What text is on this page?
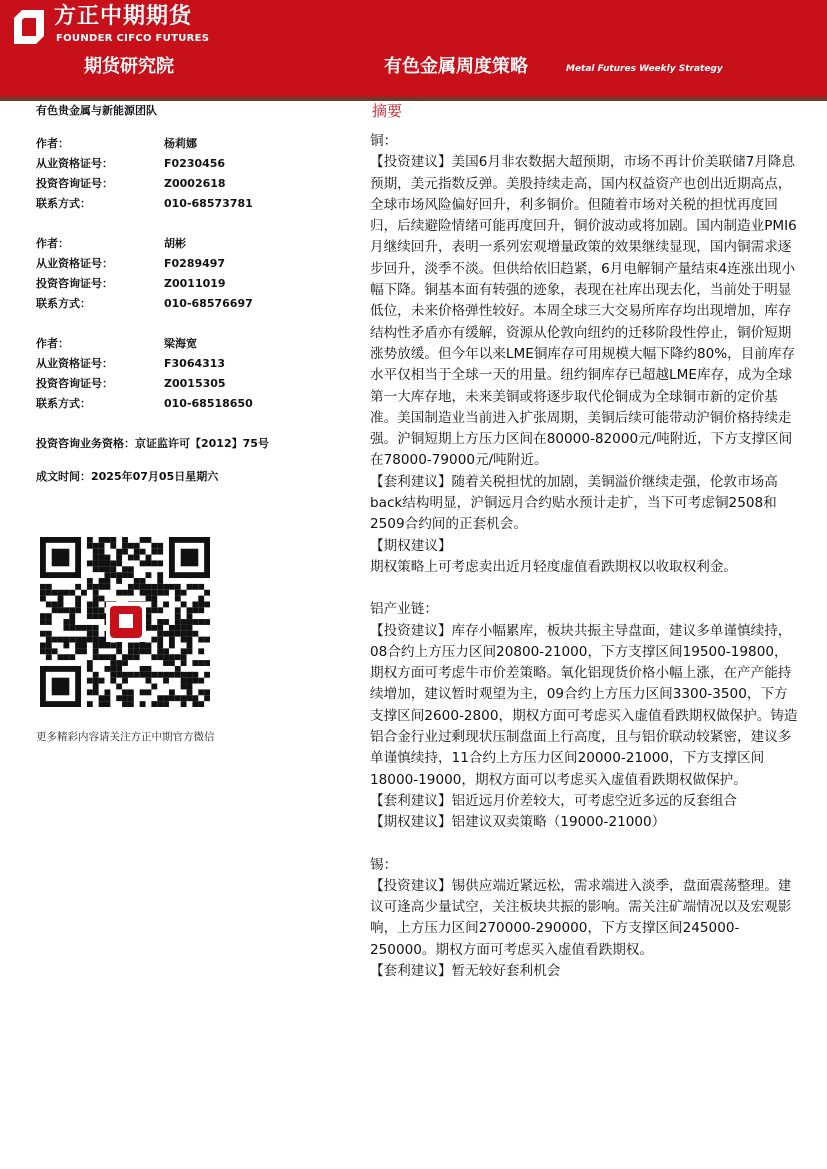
方正中期期货
FOUNDER CIFCO FUTURES
期货研究院	有色金属周度策略	Metal Futures Weekly Strategy
有色贵金属与新能源团队	摘要
作者：	杨莉娜
从业资格证号：	F0230456
投资咨询证号：	Z0002618
联系方式：	010-68573781
作者：	胡彬
从业资格证号：	F0289497
投资咨询证号：	Z0011019
联系方式：	010-68576697
作者：	梁海宽
从业资格证号：	F3064313
投资咨询证号：	Z0015305
联系方式：	010-68518650
投资咨询业务资格：京证监许可【2012】75号
成文时间：2025年07月05日星期六
更多精彩内容请关注方正中期官方微信

铜：

【投资建议】美国6月非农数据大超预期，市场不再计价美联储7月降息预期，美元指数反弹。美股持续走高，国内权益资产也创出近期高点，全球市场风险偏好回升，利多铜价。但随着市场对关税的担忧再度回归，后续避险情绪可能再度回升，铜价波动或将加剧。国内制造业PMI6月继续回升，表明一系列宏观增量政策的效果继续显现，国内铜需求逐步回升，淡季不淡。但供给依旧趋紧，6月电解铜产量结束4连涨出现小幅下降。铜基本面有转强的迹象，表现在社库出现去化，当前处于明显低位，未来价格弹性较好。本周全球三大交易所库存均出现增加，库存结构性矛盾亦有缓解，资源从伦敦向纽约的迁移阶段性停止，铜价短期涨势放缓。但今年以来LME铜库存可用规模大幅下降约80%，目前库存水平仅相当于全球一天的用量。纽约铜库存已超越LME库存，成为全球第一大库存地，未来美铜或将逐步取代伦铜成为全球铜市新的定价基准。美国制造业当前进入扩张周期，美铜后续可能带动沪铜价格持续走强。沪铜短期上方压力区间在80000-82000元/吨附近，下方支撑区间在78000-79000元/吨附近。

【套利建议】随着关税担忧的加剧，美铜溢价继续走强，伦敦市场高back结构明显，沪铜远月合约贴水预计走扩，当下可考虑铜2508和2509合约间的正套机会。

【期权建议】

期权策略上可考虑卖出近月轻度虚值看跌期权以收取权利金。

铝产业链：

【投资建议】库存小幅累库，板块共振主导盘面，建议多单谨慎续持，08合约上方压力区间20800-21000，下方支撑区间19500-19800，期权方面可考虑牛市价差策略。氧化铝现货价格小幅上涨，在产产能持续增加，建议暂时观望为主，09合约上方压力区间3300-3500，下方支撑区间2600-2800，期权方面可考虑买入虚值看跌期权做保护。铸造铝合金行业过剩现状压制盘面上行高度，且与铝价联动较紧密，建议多单谨慎续持，11合约上方压力区间20000-21000，下方支撑区间18000-19000，期权方面可以考虑买入虚值看跌期权做保护。

【套利建议】铝近远月价差较大，可考虑空近多远的反套组合

【期权建议】铝建议双卖策略（19000-21000）

锡：

【投资建议】锡供应端近紧远松，需求端进入淡季，盘面震荡整理。建议可逢高少量试空，关注板块共振的影响。需关注矿端情况以及宏观影响，上方压力区间270000-290000，下方支撑区间245000-250000。期权方面可考虑买入虚值看跌期权。

【套利建议】暂无较好套利机会
